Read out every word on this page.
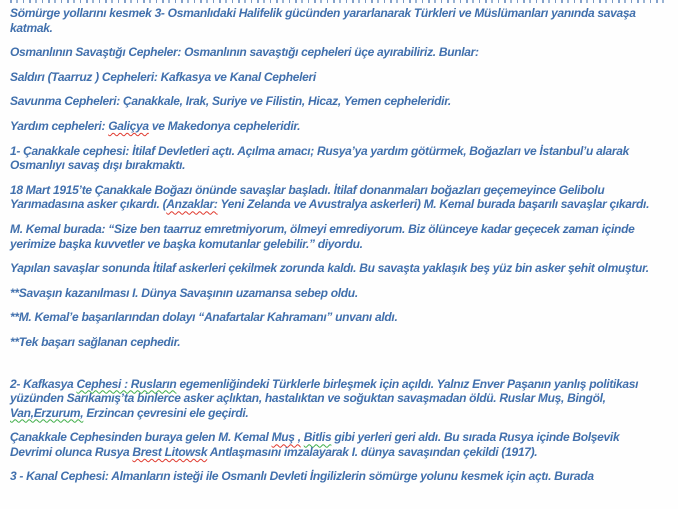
Sömürge yollarını kesmek 3- Osmanlıdaki Halifelik gücünden yararlanarak Türkleri ve Müslümanları yanında savaşa katmak.

Osmanlının Savaştığı Cepheler: Osmanlının savaştığı cepheleri üçe ayırabiliriz. Bunlar:

Saldırı (Taarruz ) Cepheleri: Kafkasya ve Kanal Cepheleri

Savunma Cepheleri: Çanakkale, Irak, Suriye ve Filistin, Hicaz, Yemen cepheleridir.

Yardım cepheleri: Galiçya ve Makedonya cepheleridir.

1- Çanakkale cephesi: İtilaf Devletleri açtı. Açılma amacı; Rusya’ya yardım götürmek, Boğazları ve İstanbul’u alarak Osmanlıyı savaş dışı bırakmaktı.

18 Mart 1915’te Çanakkale Boğazı önünde savaşlar başladı. İtilaf donanmaları boğazları geçemeyince Gelibolu Yarımadasına asker çıkardı. (Anzaklar: Yeni Zelanda ve Avustralya askerleri) M. Kemal burada başarılı savaşlar çıkardı.

M. Kemal burada: “Size ben taarruz emretmiyorum, ölmeyi emrediyorum. Biz ölünceye kadar geçecek zaman içinde yerimize başka kuvvetler ve başka komutanlar gelebilir.” diyordu.

Yapılan savaşlar sonunda İtilaf askerleri çekilmek zorunda kaldı. Bu savaşta yaklaşık beş yüz bin asker şehit olmuştur.

**Savaşın kazanılması I. Dünya Savaşının uzamansa sebep oldu.

**M. Kemal’e başarılarından dolayı “Anafartalar Kahramanı” unvanı aldı.

**Tek başarı sağlanan cephedir.

2- Kafkasya Cephesi : Rusların egemenliğindeki Türklerle birleşmek için açıldı. Yalnız Enver Paşanın yanlış politikası yüzünden Sarıkamış’ta binlerce asker açlıktan, hastalıktan ve soğuktan savaşmadan öldü. Ruslar Muş, Bingöl, Van,Erzurum, Erzincan çevresini ele geçirdi.

Çanakkale Cephesinden buraya gelen M. Kemal Muş , Bitlis gibi yerleri geri aldı. Bu sırada Rusya içinde Bolşevik Devrimi olunca Rusya Brest Litowsk Antlaşmasını imzalayarak I. dünya savaşından çekildi (1917).

3 - Kanal Cephesi: Almanların isteği ile Osmanlı Devleti İngilizlerin sömürge yolunu kesmek için açtı. Burada
